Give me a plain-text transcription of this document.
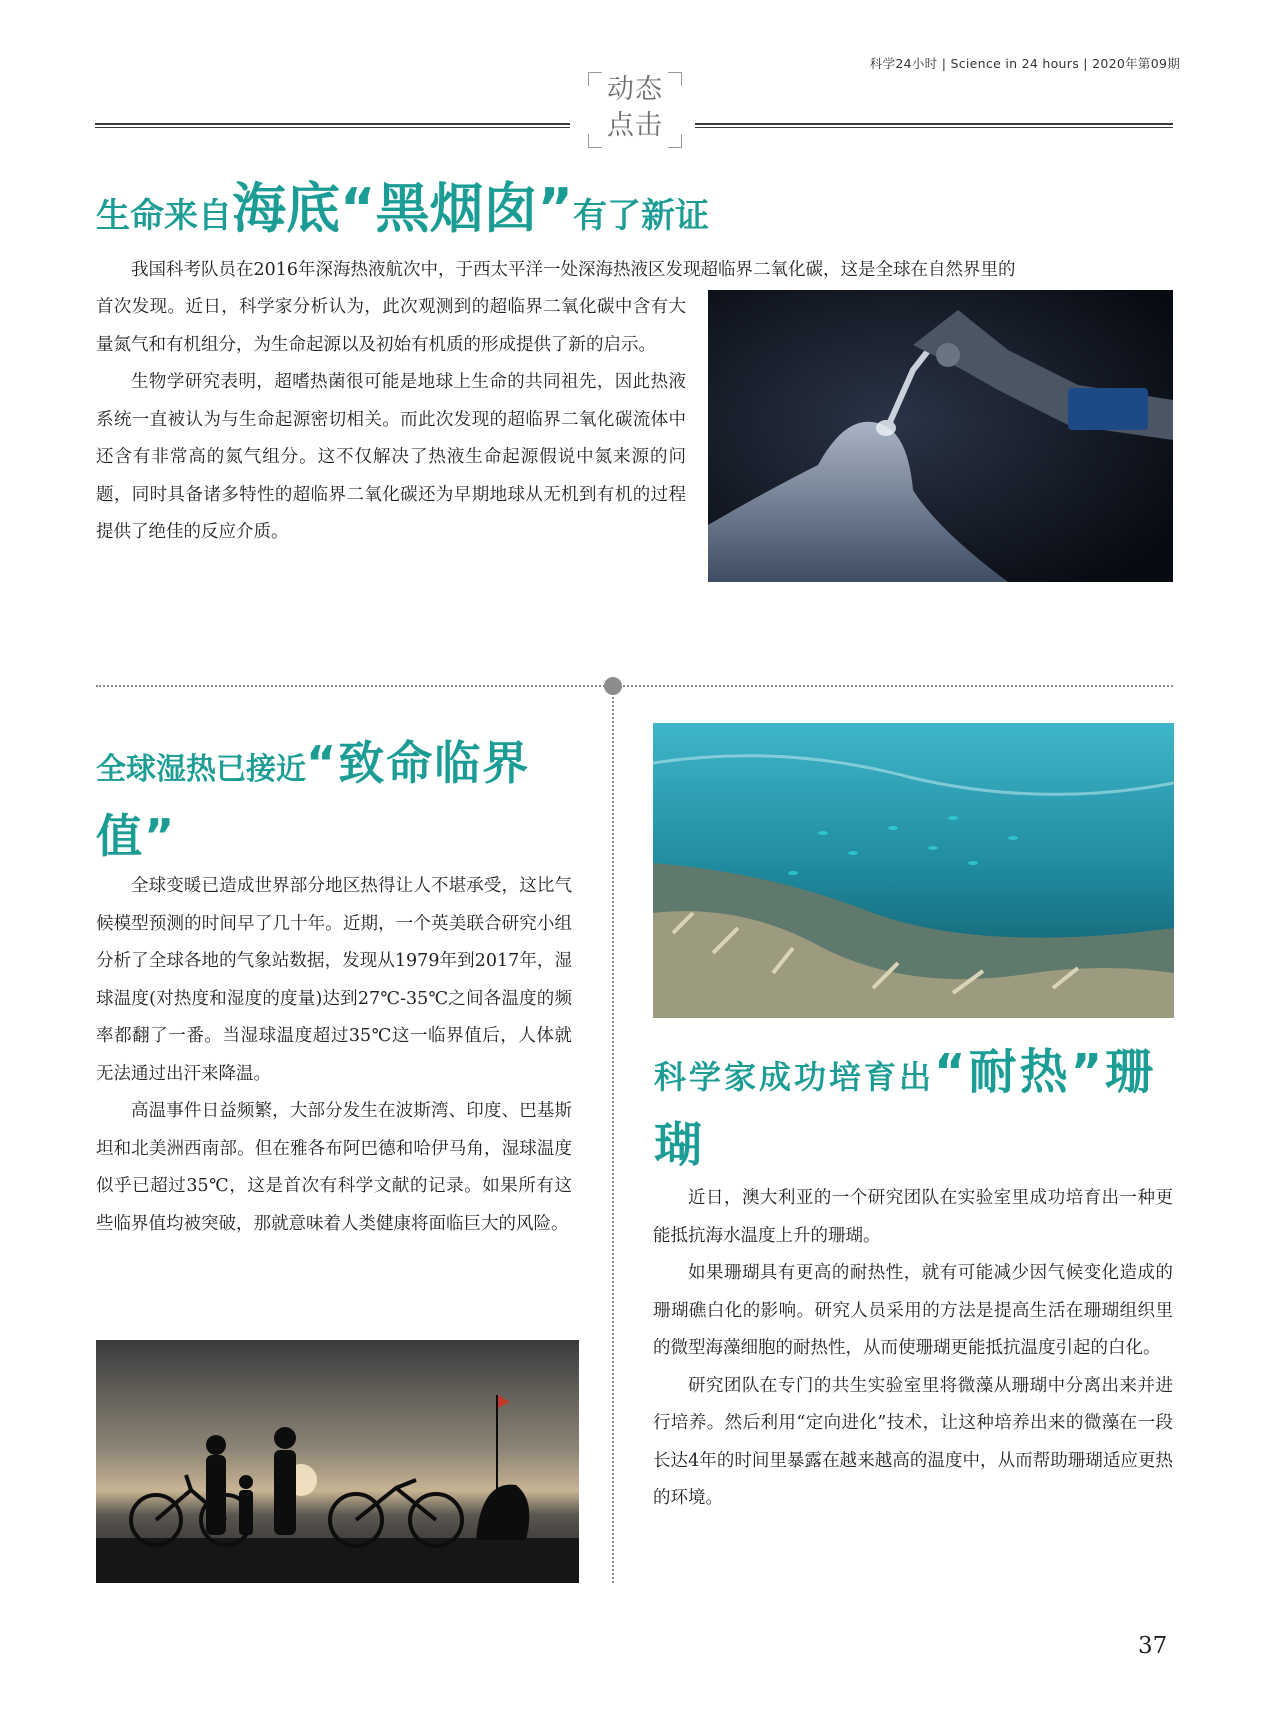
科学24小时 | Science in 24 hours | 2020年第09期
动态
点击
生命来自海底“黑烟囱”有了新证

我国科考队员在2016年深海热液航次中，于西太平洋一处深海热液区发现超临界二氧化碳，这是全球在自然界里的

首次发现。近日，科学家分析认为，此次观测到的超临界二氧化碳中含有大量氮气和有机组分，为生命起源以及初始有机质的形成提供了新的启示。

生物学研究表明，超嗜热菌很可能是地球上生命的共同祖先，因此热液系统一直被认为与生命起源密切相关。而此次发现的超临界二氧化碳流体中还含有非常高的氮气组分。这不仅解决了热液生命起源假说中氮来源的问题，同时具备诸多特性的超临界二氧化碳还为早期地球从无机到有机的过程提供了绝佳的反应介质。

全球湿热已接近“致命临界值”

全球变暖已造成世界部分地区热得让人不堪承受，这比气候模型预测的时间早了几十年。近期，一个英美联合研究小组分析了全球各地的气象站数据，发现从1979年到2017年，湿球温度(对热度和湿度的度量)达到27℃-35℃之间各温度的频率都翻了一番。当湿球温度超过35℃这一临界值后，人体就无法通过出汗来降温。

高温事件日益频繁，大部分发生在波斯湾、印度、巴基斯坦和北美洲西南部。但在雅各布阿巴德和哈伊马角，湿球温度似乎已超过35℃，这是首次有科学文献的记录。如果所有这些临界值均被突破，那就意味着人类健康将面临巨大的风险。

科学家成功培育出“耐热”珊瑚

近日，澳大利亚的一个研究团队在实验室里成功培育出一种更能抵抗海水温度上升的珊瑚。

如果珊瑚具有更高的耐热性，就有可能减少因气候变化造成的珊瑚礁白化的影响。研究人员采用的方法是提高生活在珊瑚组织里的微型海藻细胞的耐热性，从而使珊瑚更能抵抗温度引起的白化。

研究团队在专门的共生实验室里将微藻从珊瑚中分离出来并进行培养。然后利用“定向进化”技术，让这种培养出来的微藻在一段长达4年的时间里暴露在越来越高的温度中，从而帮助珊瑚适应更热的环境。

37
